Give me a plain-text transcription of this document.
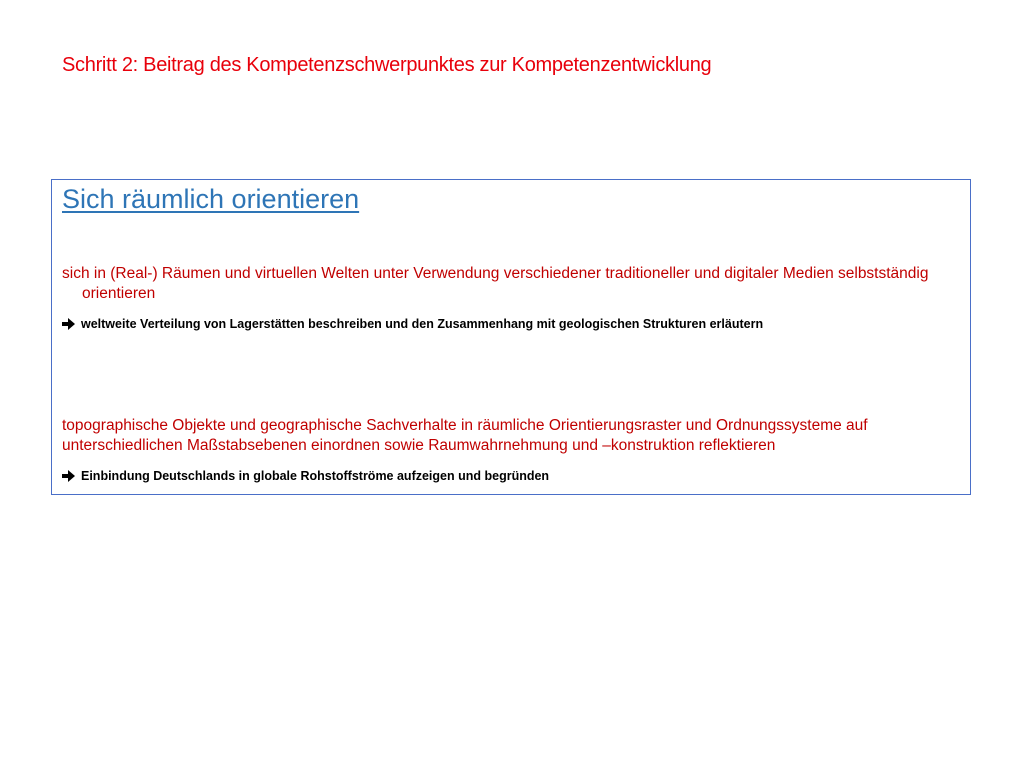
Schritt 2: Beitrag des Kompetenzschwerpunktes zur Kompetenzentwicklung
Sich räumlich orientieren

sich in (Real-) Räumen und virtuellen Welten unter Verwendung verschiedener traditioneller und digitaler Medien selbstständig orientieren

weltweite Verteilung von Lagerstätten beschreiben und den Zusammenhang mit geologischen Strukturen erläutern

topographische Objekte und geographische Sachverhalte in räumliche Orientierungsraster und Ordnungssysteme auf unterschiedlichen Maßstabsebenen einordnen sowie Raumwahrnehmung und –konstruktion reflektieren

Einbindung Deutschlands in globale Rohstoffströme aufzeigen und begründen
